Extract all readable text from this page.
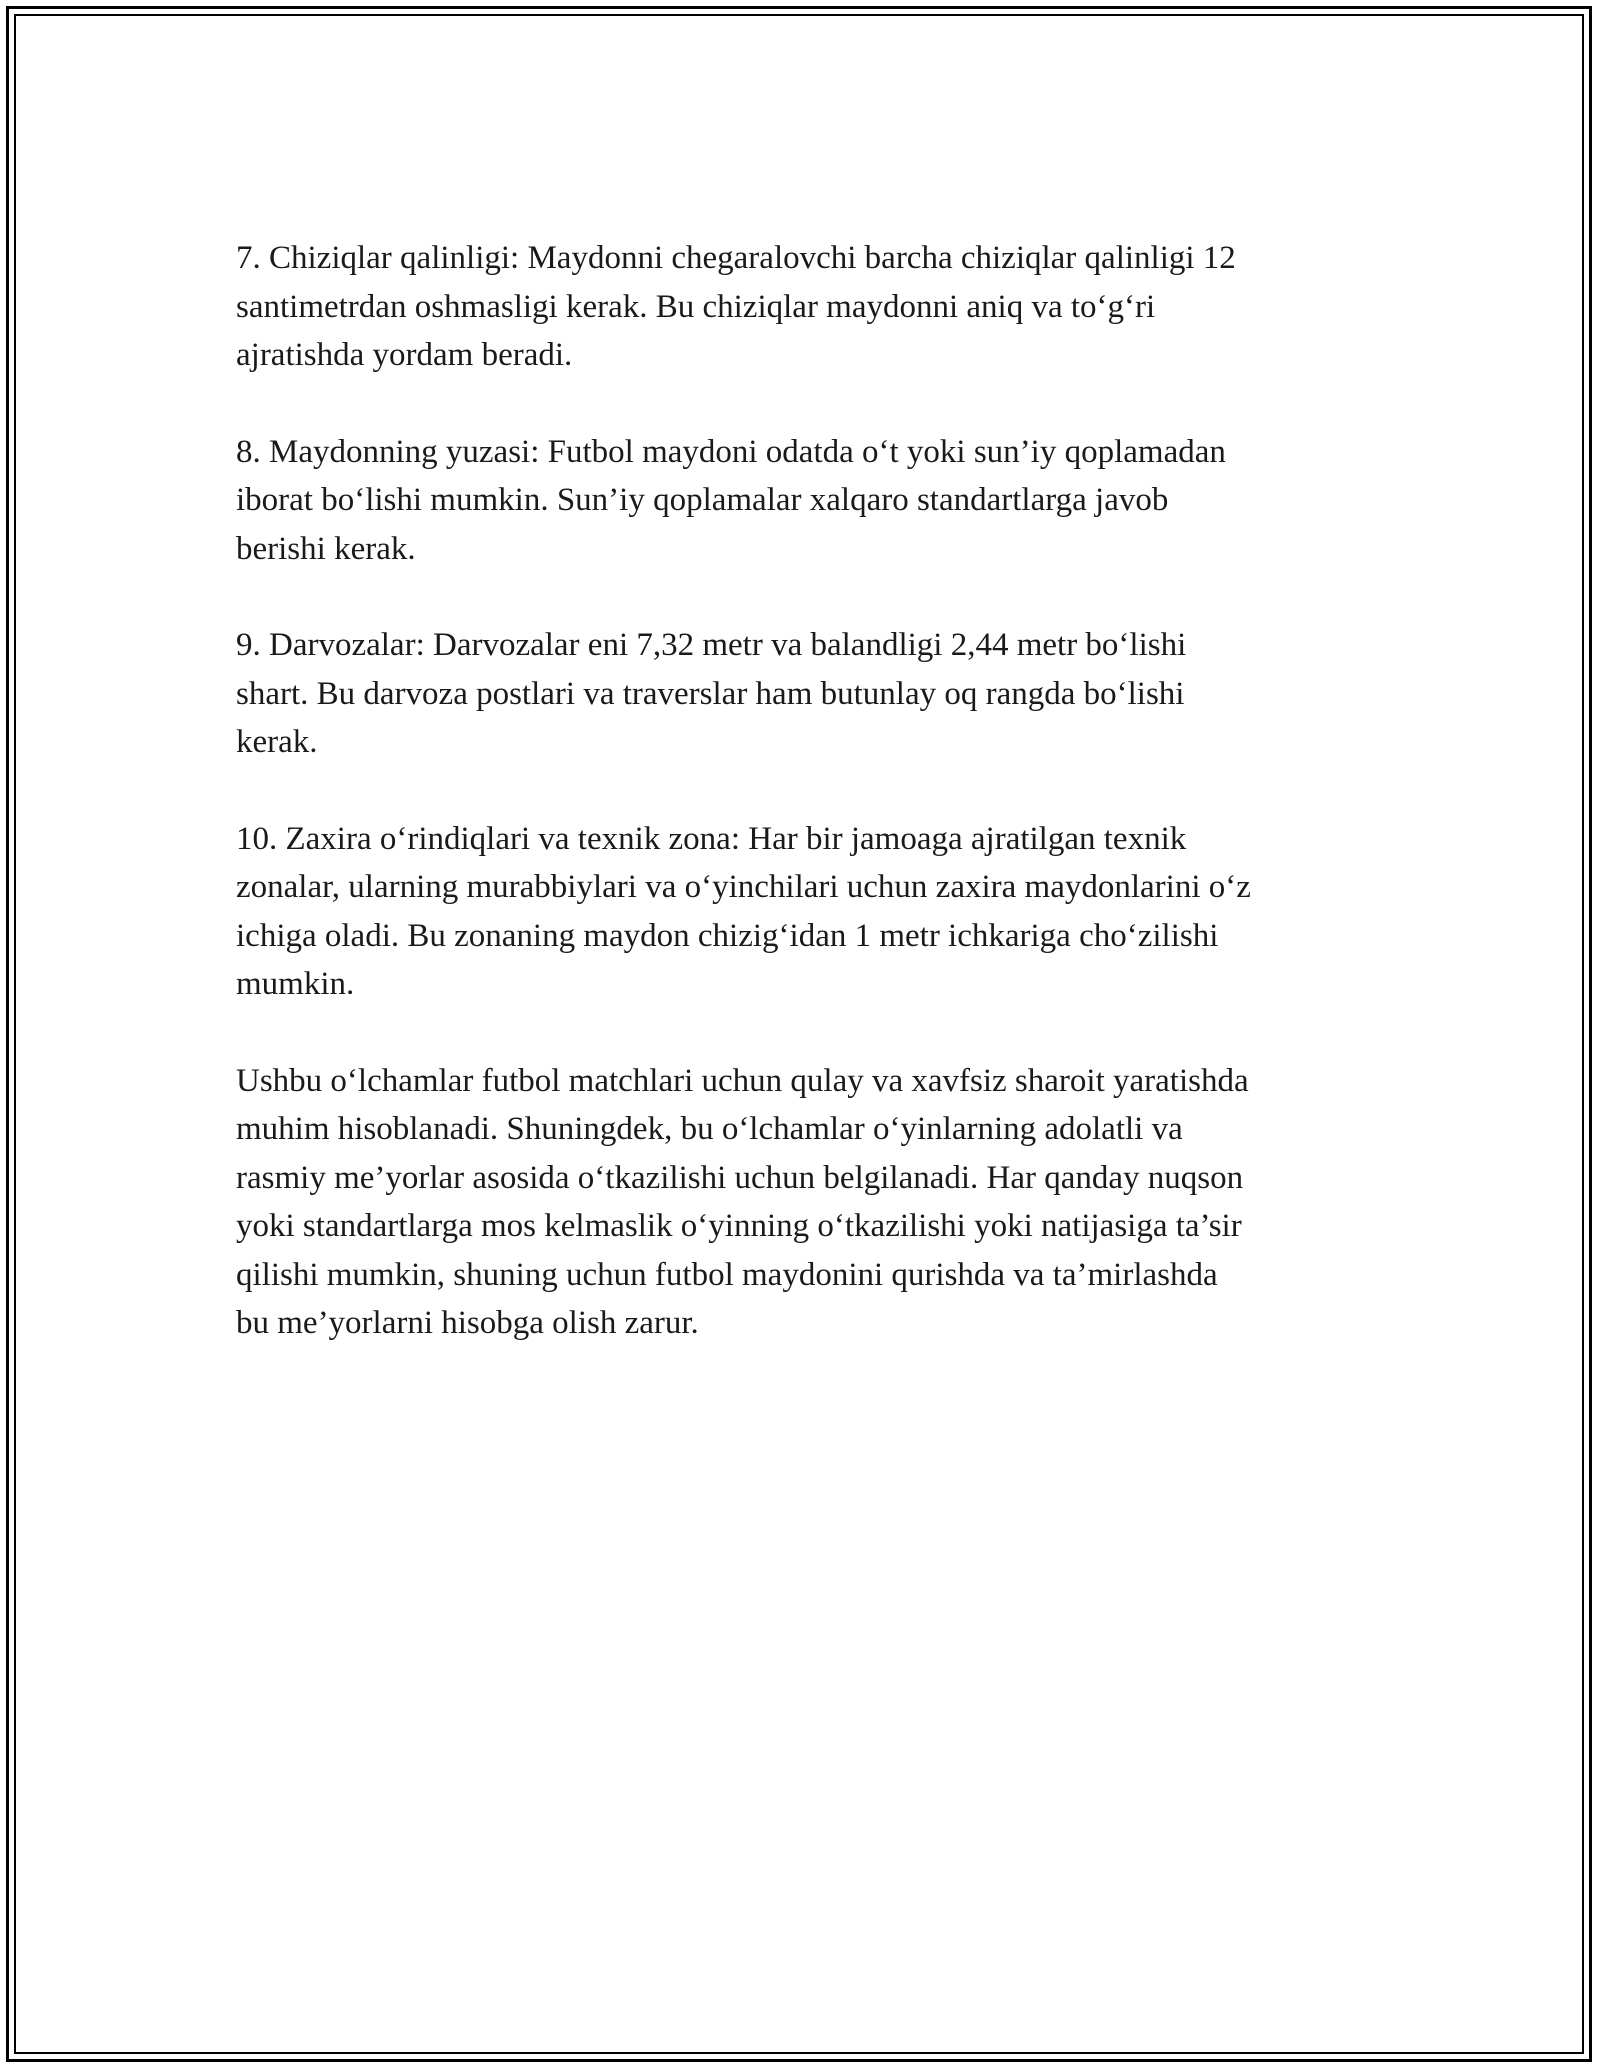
7. Chiziqlar qalinligi: Maydonni chegaralovchi barcha chiziqlar qalinligi 12
santimetrdan oshmasligi kerak. Bu chiziqlar maydonni aniq va to‘g‘ri
ajratishda yordam beradi.

8. Maydonning yuzasi: Futbol maydoni odatda o‘t yoki sun’iy qoplamadan
iborat bo‘lishi mumkin. Sun’iy qoplamalar xalqaro standartlarga javob
berishi kerak.

9. Darvozalar: Darvozalar eni 7,32 metr va balandligi 2,44 metr bo‘lishi
shart. Bu darvoza postlari va traverslar ham butunlay oq rangda bo‘lishi
kerak.

10. Zaxira o‘rindiqlari va texnik zona: Har bir jamoaga ajratilgan texnik
zonalar, ularning murabbiylari va o‘yinchilari uchun zaxira maydonlarini o‘z
ichiga oladi. Bu zonaning maydon chizig‘idan 1 metr ichkariga cho‘zilishi
mumkin.

Ushbu o‘lchamlar futbol matchlari uchun qulay va xavfsiz sharoit yaratishda
muhim hisoblanadi. Shuningdek, bu o‘lchamlar o‘yinlarning adolatli va
rasmiy me’yorlar asosida o‘tkazilishi uchun belgilanadi. Har qanday nuqson
yoki standartlarga mos kelmaslik o‘yinning o‘tkazilishi yoki natijasiga ta’sir
qilishi mumkin, shuning uchun futbol maydonini qurishda va ta’mirlashda
bu me’yorlarni hisobga olish zarur.
